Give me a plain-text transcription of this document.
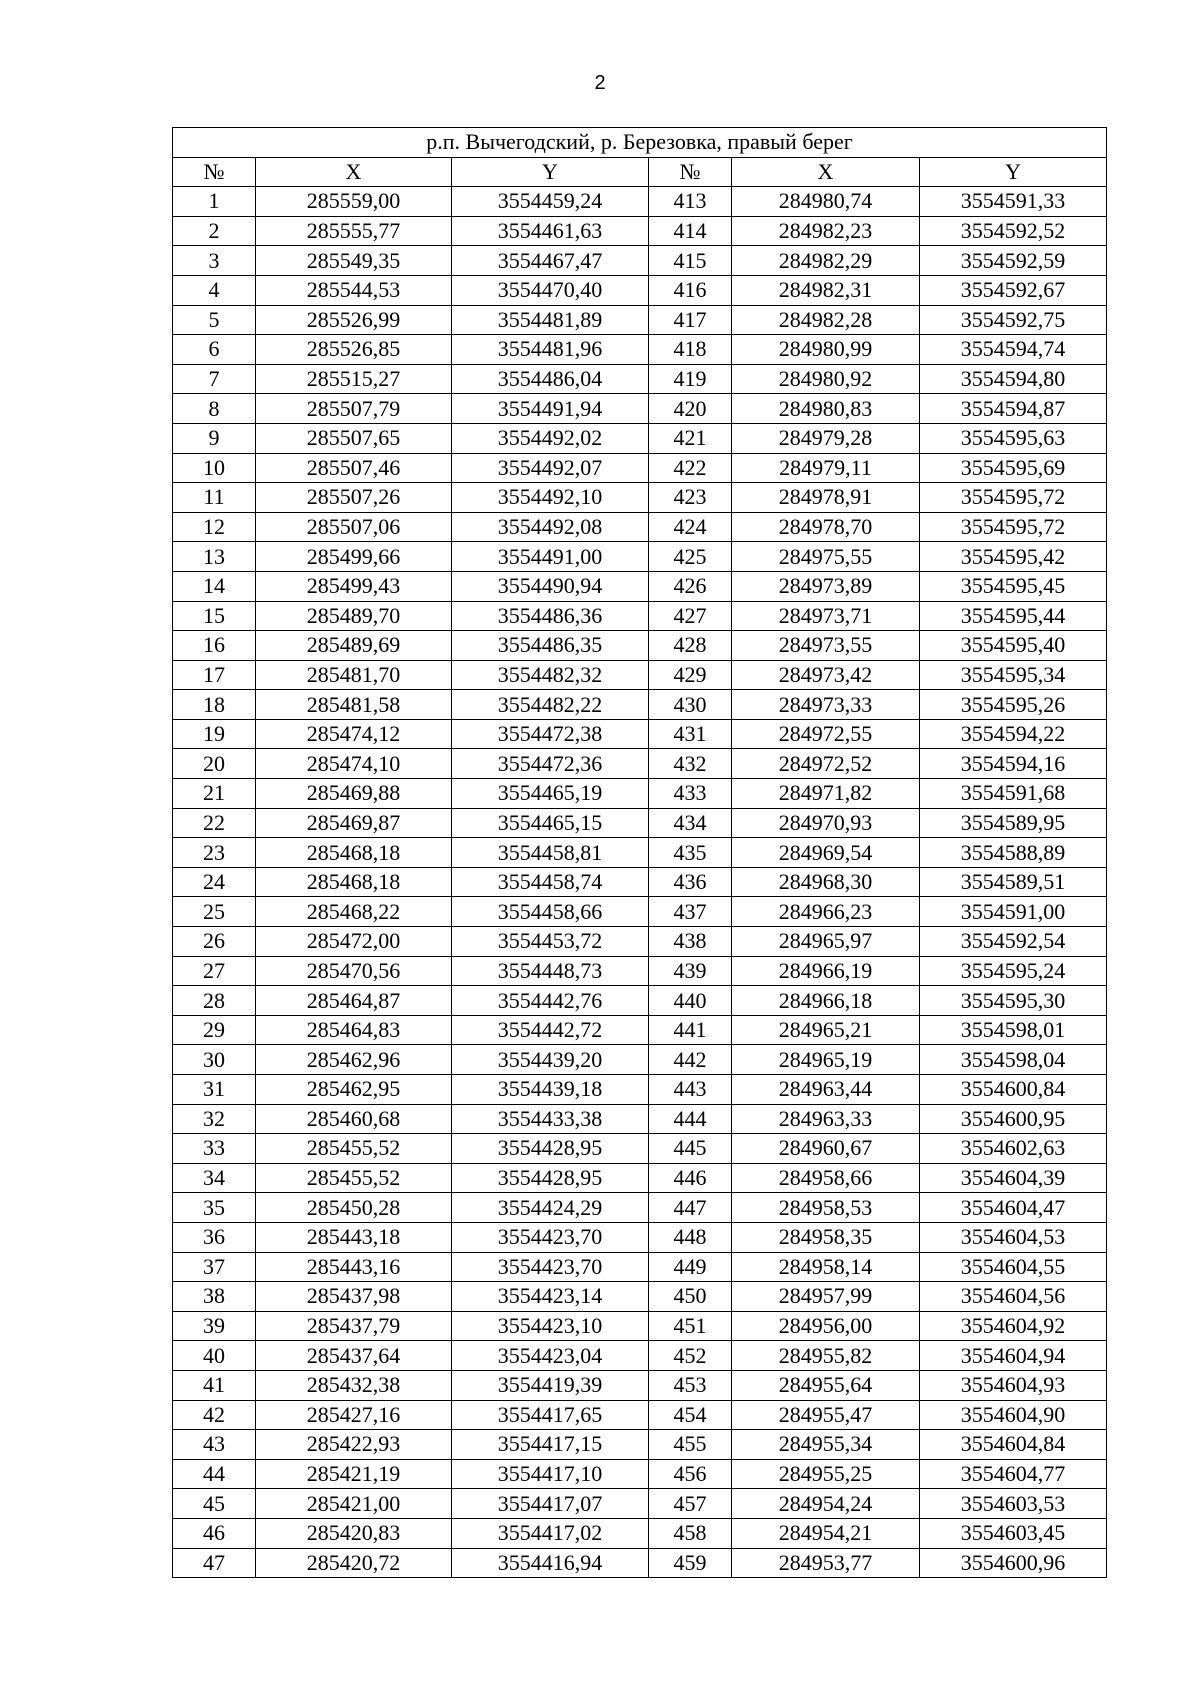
2
р.п. Вычегодский, р. Березовка, правый берег					
№	X	Y	№	X	Y
1	285559,00	3554459,24	413	284980,74	3554591,33
2	285555,77	3554461,63	414	284982,23	3554592,52
3	285549,35	3554467,47	415	284982,29	3554592,59
4	285544,53	3554470,40	416	284982,31	3554592,67
5	285526,99	3554481,89	417	284982,28	3554592,75
6	285526,85	3554481,96	418	284980,99	3554594,74
7	285515,27	3554486,04	419	284980,92	3554594,80
8	285507,79	3554491,94	420	284980,83	3554594,87
9	285507,65	3554492,02	421	284979,28	3554595,63
10	285507,46	3554492,07	422	284979,11	3554595,69
11	285507,26	3554492,10	423	284978,91	3554595,72
12	285507,06	3554492,08	424	284978,70	3554595,72
13	285499,66	3554491,00	425	284975,55	3554595,42
14	285499,43	3554490,94	426	284973,89	3554595,45
15	285489,70	3554486,36	427	284973,71	3554595,44
16	285489,69	3554486,35	428	284973,55	3554595,40
17	285481,70	3554482,32	429	284973,42	3554595,34
18	285481,58	3554482,22	430	284973,33	3554595,26
19	285474,12	3554472,38	431	284972,55	3554594,22
20	285474,10	3554472,36	432	284972,52	3554594,16
21	285469,88	3554465,19	433	284971,82	3554591,68
22	285469,87	3554465,15	434	284970,93	3554589,95
23	285468,18	3554458,81	435	284969,54	3554588,89
24	285468,18	3554458,74	436	284968,30	3554589,51
25	285468,22	3554458,66	437	284966,23	3554591,00
26	285472,00	3554453,72	438	284965,97	3554592,54
27	285470,56	3554448,73	439	284966,19	3554595,24
28	285464,87	3554442,76	440	284966,18	3554595,30
29	285464,83	3554442,72	441	284965,21	3554598,01
30	285462,96	3554439,20	442	284965,19	3554598,04
31	285462,95	3554439,18	443	284963,44	3554600,84
32	285460,68	3554433,38	444	284963,33	3554600,95
33	285455,52	3554428,95	445	284960,67	3554602,63
34	285455,52	3554428,95	446	284958,66	3554604,39
35	285450,28	3554424,29	447	284958,53	3554604,47
36	285443,18	3554423,70	448	284958,35	3554604,53
37	285443,16	3554423,70	449	284958,14	3554604,55
38	285437,98	3554423,14	450	284957,99	3554604,56
39	285437,79	3554423,10	451	284956,00	3554604,92
40	285437,64	3554423,04	452	284955,82	3554604,94
41	285432,38	3554419,39	453	284955,64	3554604,93
42	285427,16	3554417,65	454	284955,47	3554604,90
43	285422,93	3554417,15	455	284955,34	3554604,84
44	285421,19	3554417,10	456	284955,25	3554604,77
45	285421,00	3554417,07	457	284954,24	3554603,53
46	285420,83	3554417,02	458	284954,21	3554603,45
47	285420,72	3554416,94	459	284953,77	3554600,96
